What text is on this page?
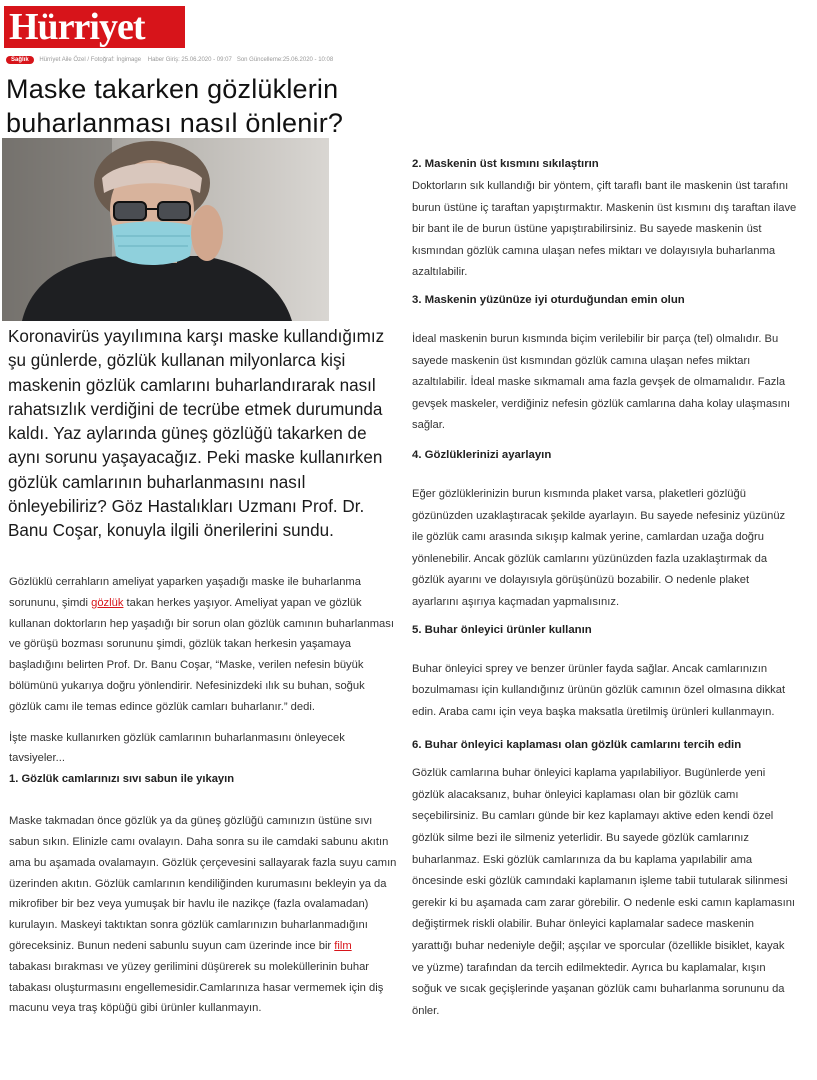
Hürriyet
Sağlık Hürriyet Aile Özel / Fotoğraf: İngimage Haber Giriş: 25.06.2020 - 09:07 Son Güncelleme:25.06.2020 - 10:08
Maske takarken gözlüklerin buharlanması nasıl önlenir?
Koronavirüs yayılımına karşı maske kullandığımız şu günlerde, gözlük kullanan milyonlarca kişi maskenin gözlük camlarını buharlandırarak nasıl rahatsızlık verdiğini de tecrübe etmek durumunda kaldı. Yaz aylarında güneş gözlüğü takarken de aynı sorunu yaşayacağız. Peki maske kullanırken gözlük camlarının buharlanmasını nasıl önleyebiliriz? Göz Hastalıkları Uzmanı Prof. Dr. Banu Coşar, konuyla ilgili önerilerini sundu.

Gözlüklü cerrahların ameliyat yaparken yaşadığı maske ile buharlanma sorununu, şimdi gözlük takan herkes yaşıyor. Ameliyat yapan ve gözlük kullanan doktorların hep yaşadığı bir sorun olan gözlük camının buharlanması ve görüşü bozması sorununu şimdi, gözlük takan herkesin yaşamaya başladığını belirten Prof. Dr. Banu Coşar, “Maske, verilen nefesin büyük bölümünü yukarıya doğru yönlendirir. Nefesinizdeki ılık su buhan, soğuk gözlük camı ile temas edince gözlük camları buharlanır.” dedi.

İşte maske kullanırken gözlük camlarının buharlanmasını önleyecek tavsiyeler...

1. Gözlük camlarınızı sıvı sabun ile yıkayın

Maske takmadan önce gözlük ya da güneş gözlüğü camınızın üstüne sıvı sabun sıkın. Elinizle camı ovalayın. Daha sonra su ile camdaki sabunu akıtın ama bu aşamada ovalamayın. Gözlük çerçevesini sallayarak fazla suyu camın üzerinden akıtın. Gözlük camlarının kendiliğinden kurumasını bekleyin ya da mikrofiber bir bez veya yumuşak bir havlu ile nazikçe (fazla ovalamadan) kurulayın. Maskeyi taktıktan sonra gözlük camlarınızın buharlanmadığını göreceksiniz. Bunun nedeni sabunlu suyun cam üzerinde ince bir film tabakası bırakması ve yüzey gerilimini düşürerek su moleküllerinin buhar tabakası oluşturmasını engellemesidir.Camlarınıza hasar vermemek için diş macunu veya traş köpüğü gibi ürünler kullanmayın.

2. Maskenin üst kısmını sıkılaştırın

Doktorların sık kullandığı bir yöntem, çift taraflı bant ile maskenin üst tarafını burun üstüne iç taraftan yapıştırmaktır. Maskenin üst kısmını dış taraftan ilave bir bant ile de burun üstüne yapıştırabilirsiniz. Bu sayede maskenin üst kısmından gözlük camına ulaşan nefes miktarı ve dolayısıyla buharlanma azaltılabilir.

3. Maskenin yüzünüze iyi oturduğundan emin olun

İdeal maskenin burun kısmında biçim verilebilir bir parça (tel) olmalıdır. Bu sayede maskenin üst kısmından gözlük camına ulaşan nefes miktarı azaltılabilir. İdeal maske sıkmamalı ama fazla gevşek de olmamalıdır. Fazla gevşek maskeler, verdiğiniz nefesin gözlük camlarına daha kolay ulaşmasını sağlar.

4. Gözlüklerinizi ayarlayın

Eğer gözlüklerinizin burun kısmında plaket varsa, plaketleri gözlüğü gözünüzden uzaklaştıracak şekilde ayarlayın. Bu sayede nefesiniz yüzünüz ile gözlük camı arasında sıkışıp kalmak yerine, camlardan uzağa doğru yönlenebilir. Ancak gözlük camlarını yüzünüzden fazla uzaklaştırmak da gözlük ayarını ve dolayısıyla görüşünüzü bozabilir. O nedenle plaket ayarlarını aşırıya kaçmadan yapmalısınız.

5. Buhar önleyici ürünler kullanın

Buhar önleyici sprey ve benzer ürünler fayda sağlar. Ancak camlarınızın bozulmaması için kullandığınız ürünün gözlük camının özel olmasına dikkat edin. Araba camı için veya başka maksatla üretilmiş ürünleri kullanmayın.

6. Buhar önleyici kaplaması olan gözlük camlarını tercih edin

Gözlük camlarına buhar önleyici kaplama yapılabiliyor. Bugünlerde yeni gözlük alacaksanız, buhar önleyici kaplaması olan bir gözlük camı seçebilirsiniz. Bu camları günde bir kez kaplamayı aktive eden kendi özel gözlük silme bezi ile silmeniz yeterlidir. Bu sayede gözlük camlarınız buharlanmaz. Eski gözlük camlarınıza da bu kaplama yapılabilir ama öncesinde eski gözlük camındaki kaplamanın işleme tabii tutularak silinmesi gerekir ki bu aşamada cam zarar görebilir. O nedenle eski camın kaplamasını değiştirmek riskli olabilir. Buhar önleyici kaplamalar sadece maskenin yarattığı buhar nedeniyle değil; aşçılar ve sporcular (özellikle bisiklet, kayak ve yüzme) tarafından da tercih edilmektedir. Ayrıca bu kaplamalar, kışın soğuk ve sıcak geçişlerinde yaşanan gözlük camı buharlanma sorununu da önler.
